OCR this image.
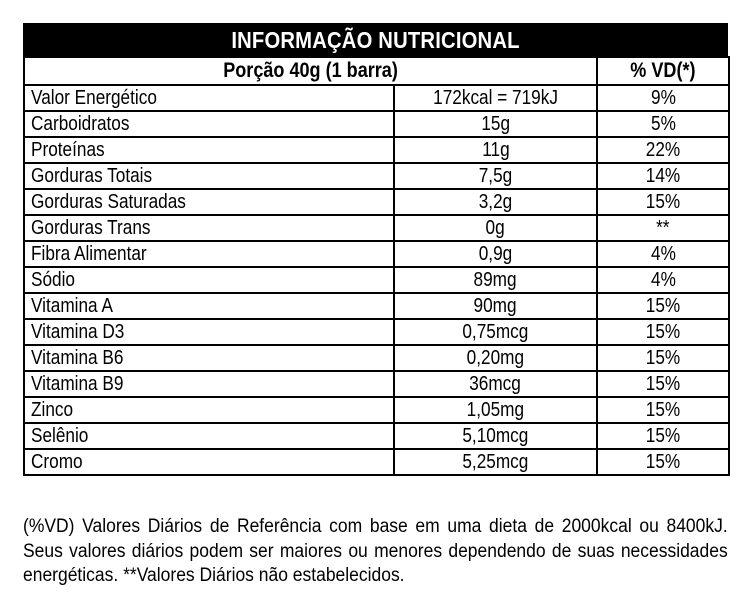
INFORMAÇÃO NUTRICIONAL
Porção 40g (1 barra)		% VD(*)
Valor Energético	172kcal = 719kJ	9%
Carboidratos	15g	5%
Proteínas	11g	22%
Gorduras Totais	7,5g	14%
Gorduras Saturadas	3,2g	15%
Gorduras Trans	0g	**
Fibra Alimentar	0,9g	4%
Sódio	89mg	4%
Vitamina A	90mg	15%
Vitamina D3	0,75mcg	15%
Vitamina B6	0,20mg	15%
Vitamina B9	36mcg	15%
Zinco	1,05mg	15%
Selênio	5,10mcg	15%
Cromo	5,25mcg	15%
(%VD) Valores Diários de Referência com base em uma dieta de 2000kcal ou 8400kJ. Seus valores diários podem ser maiores ou menores dependendo de suas necessidades energéticas. **Valores Diários não estabelecidos.
